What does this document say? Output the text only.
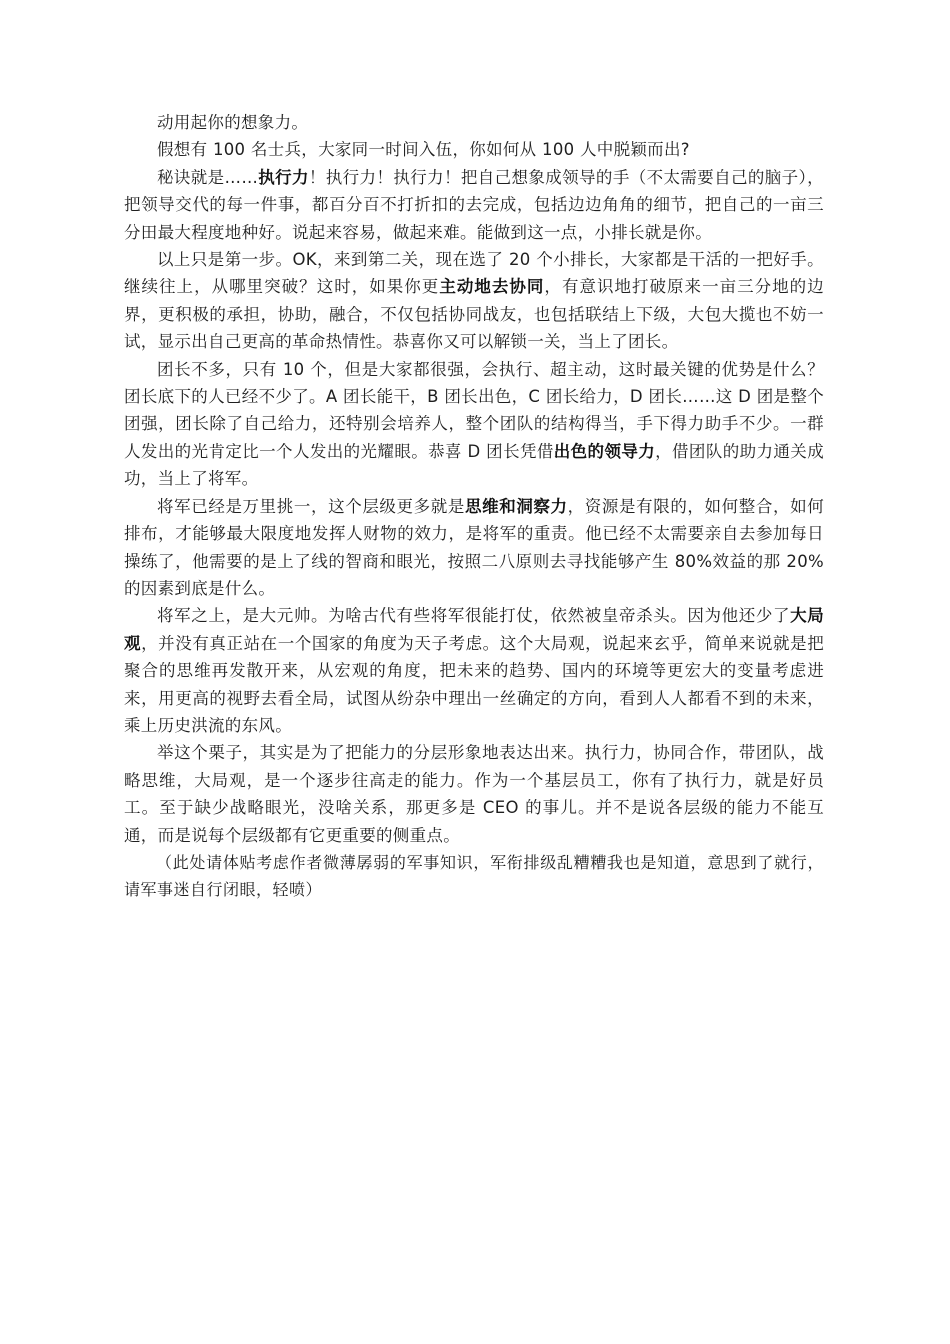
动用起你的想象力。

假想有 100 名士兵，大家同一时间入伍，你如何从 100 人中脱颖而出?

秘诀就是……执行力！执行力！执行力！把自己想象成领导的手（不太需要自己的脑子），把领导交代的每一件事，都百分百不打折扣的去完成，包括边边角角的细节，把自己的一亩三分田最大程度地种好。说起来容易，做起来难。能做到这一点，小排长就是你。

以上只是第一步。OK，来到第二关，现在选了 20 个小排长，大家都是干活的一把好手。继续往上，从哪里突破？这时，如果你更主动地去协同，有意识地打破原来一亩三分地的边界，更积极的承担，协助，融合，不仅包括协同战友，也包括联结上下级，大包大揽也不妨一试，显示出自己更高的革命热情性。恭喜你又可以解锁一关，当上了团长。

团长不多，只有 10 个，但是大家都很强，会执行、超主动，这时最关键的优势是什么？团长底下的人已经不少了。A 团长能干，B 团长出色，C 团长给力，D 团长……这 D 团是整个团强，团长除了自己给力，还特别会培养人，整个团队的结构得当，手下得力助手不少。一群人发出的光肯定比一个人发出的光耀眼。恭喜 D 团长凭借出色的领导力，借团队的助力通关成功，当上了将军。

将军已经是万里挑一，这个层级更多就是思维和洞察力，资源是有限的，如何整合，如何排布，才能够最大限度地发挥人财物的效力，是将军的重责。他已经不太需要亲自去参加每日操练了，他需要的是上了线的智商和眼光，按照二八原则去寻找能够产生 80%效益的那 20%的因素到底是什么。

将军之上，是大元帅。为啥古代有些将军很能打仗，依然被皇帝杀头。因为他还少了大局观，并没有真正站在一个国家的角度为天子考虑。这个大局观，说起来玄乎，简单来说就是把聚合的思维再发散开来，从宏观的角度，把未来的趋势、国内的环境等更宏大的变量考虑进来，用更高的视野去看全局，试图从纷杂中理出一丝确定的方向，看到人人都看不到的未来，乘上历史洪流的东风。

举这个栗子，其实是为了把能力的分层形象地表达出来。执行力，协同合作，带团队，战略思维，大局观，是一个逐步往高走的能力。作为一个基层员工，你有了执行力，就是好员工。至于缺少战略眼光，没啥关系，那更多是 CEO 的事儿。并不是说各层级的能力不能互通，而是说每个层级都有它更重要的侧重点。

（此处请体贴考虑作者微薄孱弱的军事知识，军衔排级乱糟糟我也是知道，意思到了就行，请军事迷自行闭眼，轻喷）
